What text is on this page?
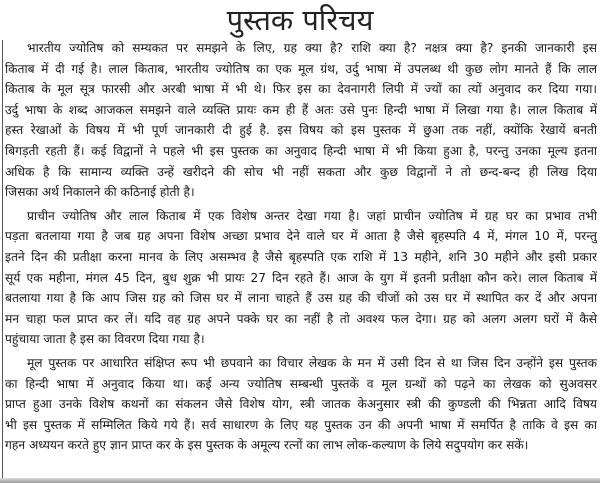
पुस्तक परिचय
भारतीय ज्योतिष को सम्यकत पर समझने के लिए, ग्रह क्या है? राशि क्या है? नक्षत्र क्या है? इनकी जानकारी इस
किताब में दी गई है। लाल किताब, भारतीय ज्योतिष का एक मूल ग्रंथ, उर्दु भाषा में उपलब्ध थी कुछ लोग मानते हैं कि लाल
किताब के मूल सूत्र फारसी और अरबी भाषा में भी थे। फिर इस का देवनागरी लिपी में ज्यों का त्यों अनुवाद कर दिया गया।
उर्दु भाषा के शब्द आजकल समझने वाले व्यक्ति प्रायः कम ही हैं अतः उसे पुनः हिन्दी भाषा में लिखा गया है। लाल किताब में
हस्त रेखाओं के विषय में भी पूर्ण जानकारी दी हुई है. इस विषय को इस पुस्तक में छुआ तक नहीं, क्योंकि रेखायें बनती
बिगड़ती रहती हैं। कई विद्वानों ने पहले भी इस पुस्तक का अनुवाद हिन्दी भाषा में भी किया हुआ है, परन्तु उनका मूल्य इतना
अधिक है कि सामान्य व्यक्ति उन्हें खरीदने की सोच भी नहीं सकता और कुछ विद्वानों ने तो छन्द-बन्द ही लिख दिया
जिसका अर्थ निकालने की कठिनाई होती है।
प्राचीन ज्योतिष और लाल किताब में एक विशेष अन्तर देखा गया है। जहां प्राचीन ज्योतिष में ग्रह घर का प्रभाव तभी
पड़ता बतलाया गया है जब ग्रह अपना विशेष अच्छा प्रभाव देने वाले घर में आता है जैसे बृहस्पति 4 में, मंगल 10 में, परन्तु
इतने दिन की प्रतीक्षा करना मानव के लिए असम्भव है जैसे बृहस्पति एक राशि में 13 महीने, शनि 30 महीने और इसी प्रकार
सूर्य एक महीना, मंगल 45 दिन, बुध शुक्र भी प्रायः 27 दिन रहते हैं। आज के युग में इतनी प्रतीक्षा कौन करे। लाल किताब में
बतलाया गया है कि आप जिस ग्रह को जिस घर में लाना चाहते हैं उस ग्रह की चीजों को उस घर में स्थापित कर दें और अपना
मन चाहा फल प्राप्त कर लें। यदि वह ग्रह अपने पक्के घर का नहीं है तो अवश्य फल देगा। ग्रह को अलग अलग घरों में कैसे
पहुंचाया जाता है इस का विवरण दिया गया है।
मूल पुस्तक पर आधारित संक्षिप्त रूप भी छपवाने का विचार लेखक के मन में उसी दिन से था जिस दिन उन्होंने इस पुस्तक
का हिन्दी भाषा में अनुवाद किया था। कई अन्य ज्योतिष सम्बन्धी पुस्तकें व मूल ग्रन्थों को पढ़ने का लेखक को सुअवसर
प्राप्त हुआ उनके विशेष कथनों का संकलन जैसे विशेष योग, स्त्री जातक केअनुसार स्त्री की कुण्डली की भिन्नता आदि विषय
भी इस पुस्तक में सम्मिलित किये गये हैं। सर्व साधारण के लिए यह पुस्तक उन की अपनी भाषा में समर्पित है ताकि वे इस का
गहन अध्ययन करते हुए ज्ञान प्राप्त कर के इस पुस्तक के अमूल्य रत्नों का लाभ लोक-कल्याण के लिये सदुपयोग कर सकें।
